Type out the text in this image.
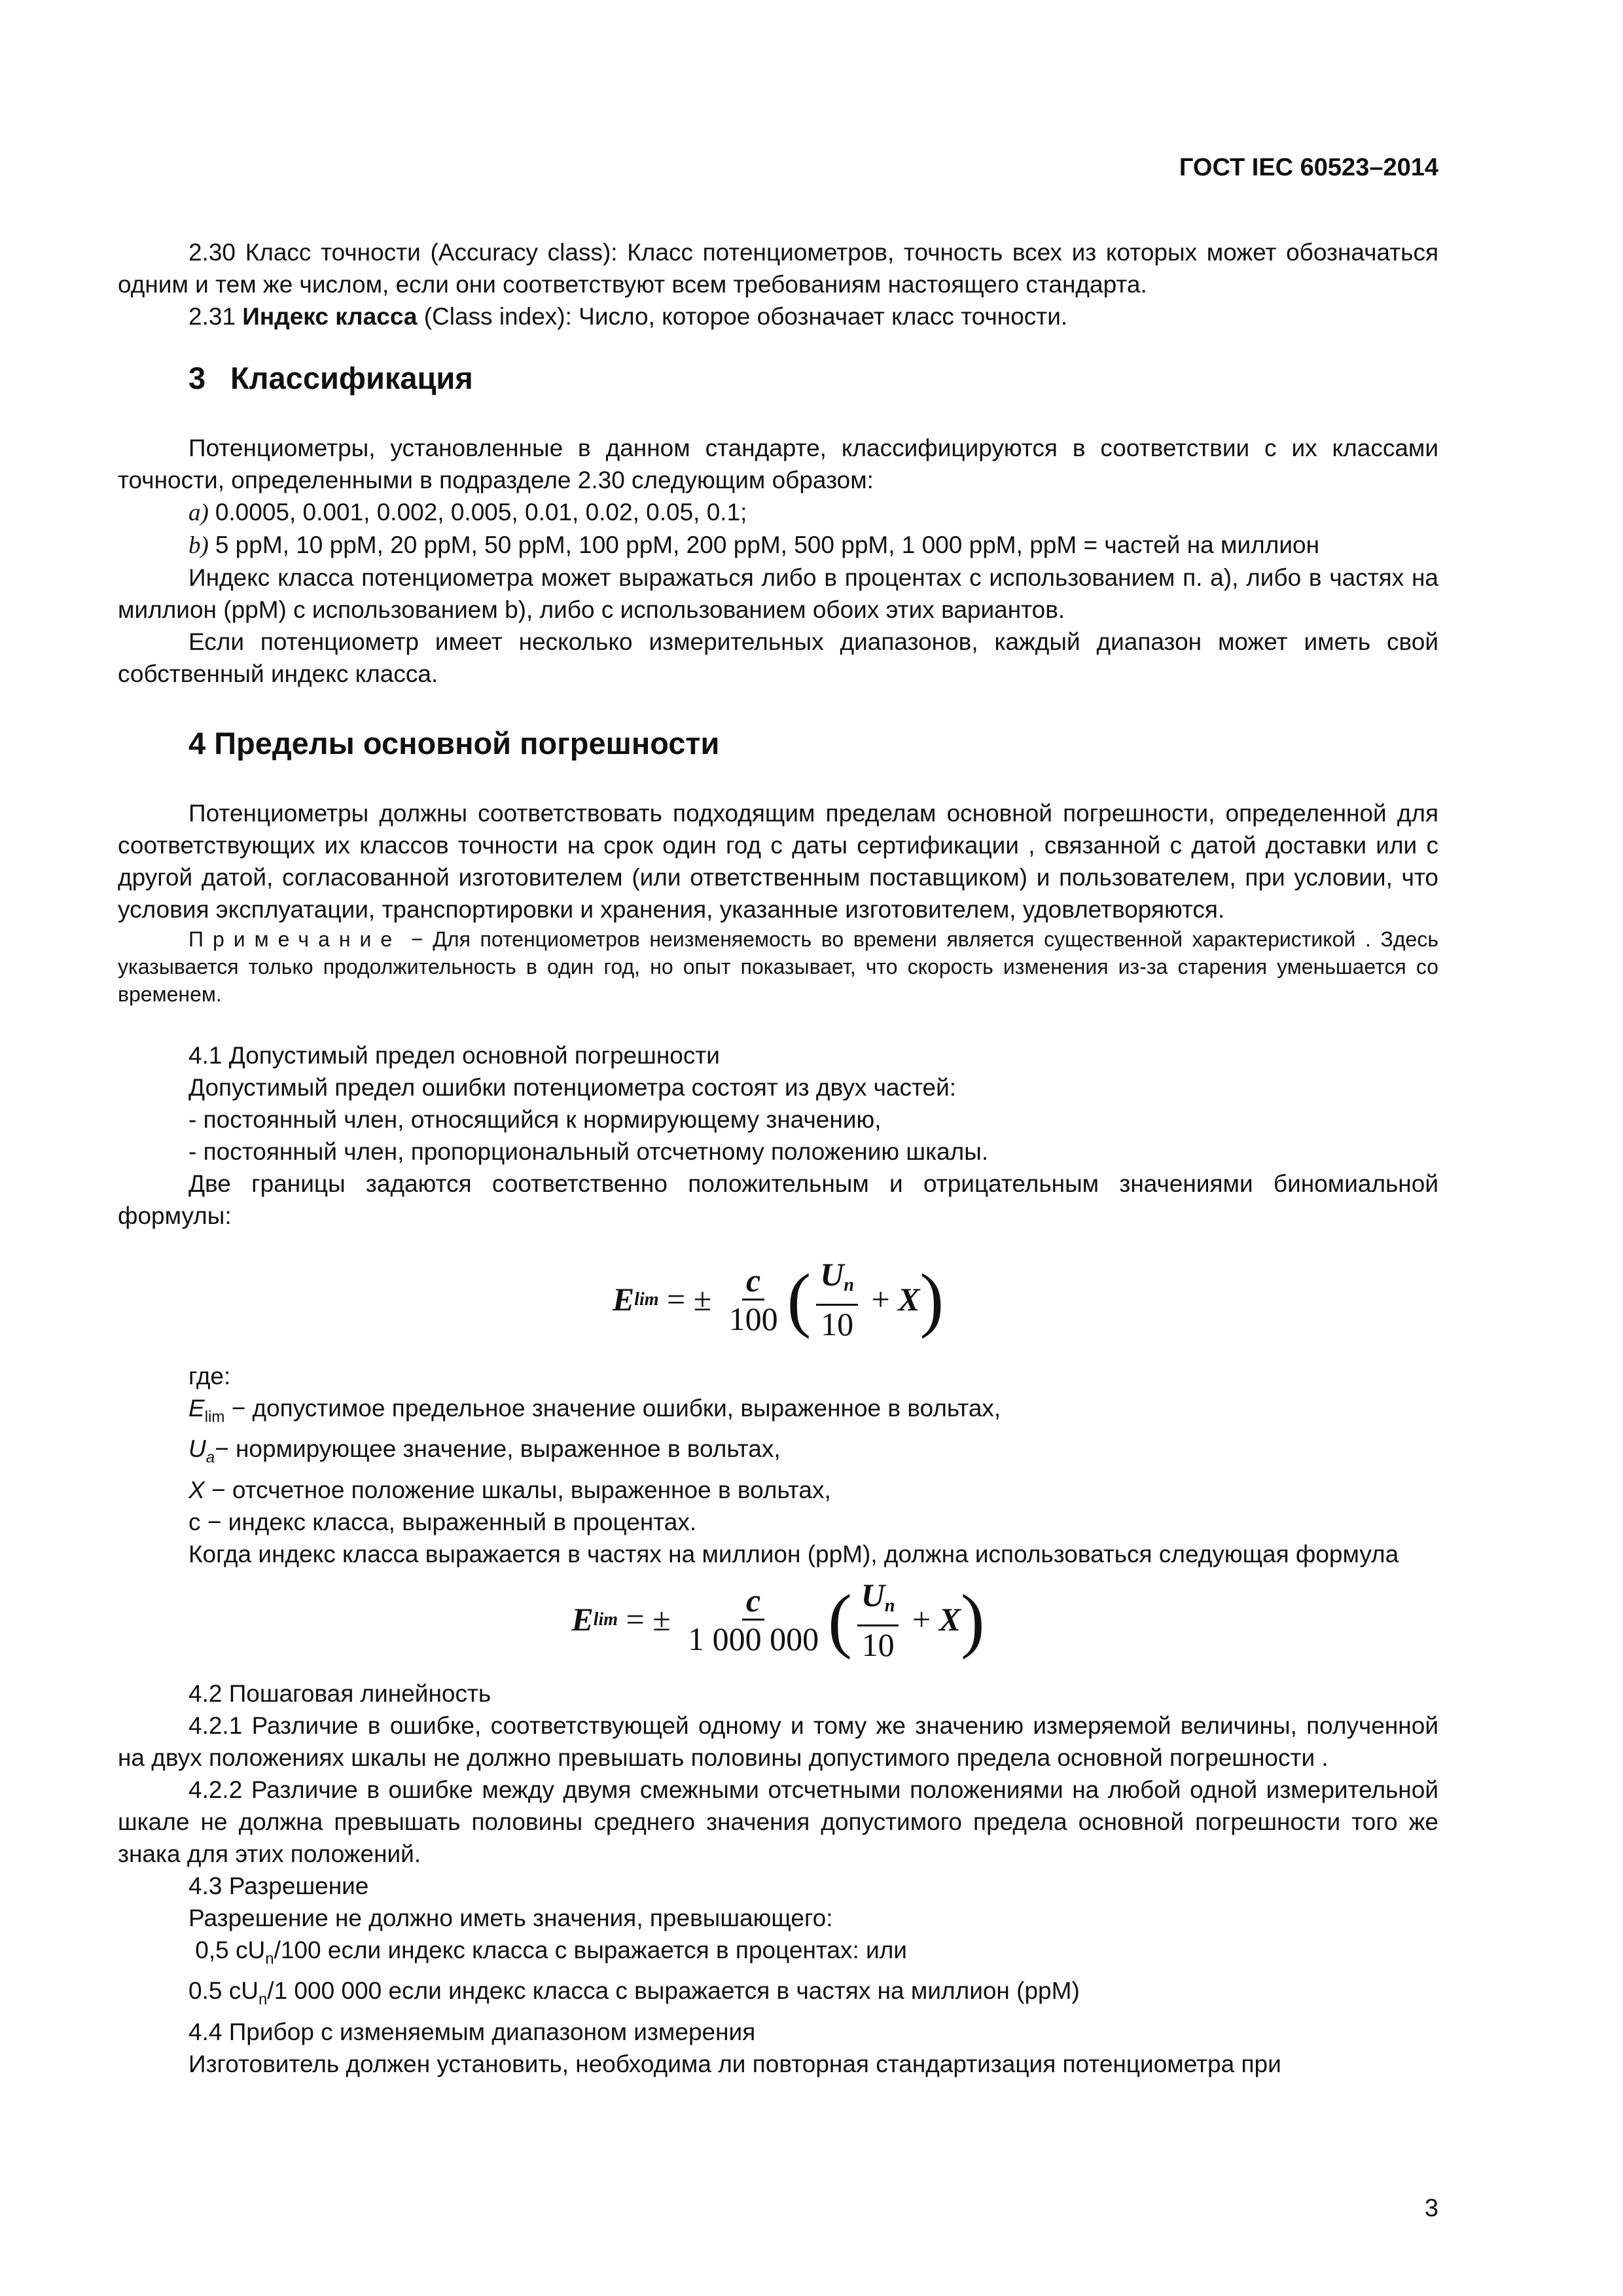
ГОСТ IEC 60523–2014

2.30 Класс точности (Accuracy class): Класс потенциометров, точность всех из которых может обозначаться одним и тем же числом, если они соответствуют всем требованиям настоящего стандарта.

2.31 Индекс класса (Class index): Число, которое обозначает класс точности.

3 Классификация

Потенциометры, установленные в данном стандарте, классифицируются в соответствии с их классами точности, определенными в подразделе 2.30 следующим образом:

a) 0.0005, 0.001, 0.002, 0.005, 0.01, 0.02, 0.05, 0.1;

b) 5 ppM, 10 ppM, 20 ppM, 50 ppM, 100 ppM, 200 ppM, 500 ppM, 1 000 ppM, ppM = частей на миллион

Индекс класса потенциометра может выражаться либо в процентах с использованием п. а), либо в частях на миллион (ppM) с использованием b), либо с использованием обоих этих вариантов.

Если потенциометр имеет несколько измерительных диапазонов, каждый диапазон может иметь свой собственный индекс класса.

4 Пределы основной погрешности

Потенциометры должны соответствовать подходящим пределам основной погрешности, определенной для соответствующих их классов точности на срок один год с даты сертификации , связанной с датой доставки или с другой датой, согласованной изготовителем (или ответственным поставщиком) и пользователем, при условии, что условия эксплуатации, транспортировки и хранения, указанные изготовителем, удовлетворяются.

Примечание − Для потенциометров неизменяемость во времени является существенной характеристикой . Здесь указывается только продолжительность в один год, но опыт показывает, что скорость изменения из-за старения уменьшается со временем.

4.1 Допустимый предел основной погрешности

Допустимый предел ошибки потенциометра состоят из двух частей:

- постоянный член, относящийся к нормирующему значению,

- постоянный член, пропорциональный отсчетному положению шкалы.

Две границы задаются соответственно положительным и отрицательным значениями биномиальной формулы:

E lim = ± $\frac{c}{100}$ ( $\frac{U_n}{10} + X$ )

где:

$E_{lim}$ − допустимое предельное значение ошибки, выраженное в вольтах,

$U_a-$ нормирующее значение, выраженное в вольтах,

X − отсчетное положение шкалы, выраженное в вольтах,

c − индекс класса, выраженный в процентах.

Когда индекс класса выражается в частях на миллион (ppM), должна использоваться следующая формула

E lim = ± $\frac{c}{1 000 000}$ ( $\frac{U_n}{10} + X$ )

4.2 Пошаговая линейность

4.2.1 Различие в ошибке, соответствующей одному и тому же значению измеряемой величины, полученной на двух положениях шкалы не должно превышать половины допустимого предела основной погрешности .

4.2.2 Различие в ошибке между двумя смежными отсчетными положениями на любой одной измерительной шкале не должна превышать половины среднего значения допустимого предела основной погрешности того же знака для этих положений.

4.3 Разрешение

Разрешение не должно иметь значения, превышающего:

0,5 $cU_n/100$ если индекс класса c выражается в процентах: или

0.5 $cU_n/1$ 000 000 если индекс класса с выражается в частях на миллион (ppM)

4.4 Прибор с изменяемым диапазоном измерения

Изготовитель должен установить, необходима ли повторная стандартизация потенциометра при

3
